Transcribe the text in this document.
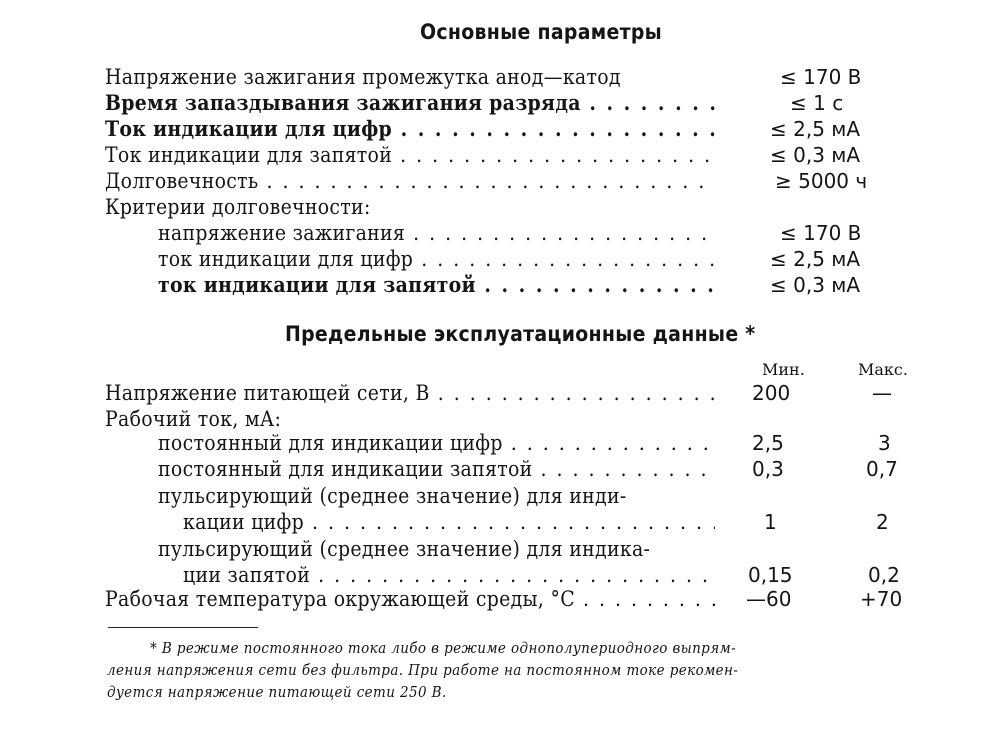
Основные параметры
Напряжение зажигания промежутка анод—катод	≤ 170 В
Время запаздывания зажигания разряда . . .	≤ 1 с
Ток индикации для цифр . . .	≤ 2,5 мА
Ток индикации для запятой . . .	≤ 0,3 мА
Долговечность . . .	≥ 5000 ч
Критерии долговечности:
напряжение зажигания . . .	≤ 170 В
ток индикации для цифр . . .	≤ 2,5 мА
ток индикации для запятой . . .	≤ 0,3 мА
Предельные эксплуатационные данные *
Мин.	Макс.
Напряжение питающей сети, В . . .	200	—
Рабочий ток, мА:
постоянный для индикации цифр . . .	2,5	3
постоянный для индикации запятой . . .	0,3	0,7
пульсирующий (среднее значение) для инди-
кации цифр . . .	1	2
пульсирующий (среднее значение) для индика-
ции запятой . . .	0,15	0,2
Рабочая температура окружающей среды, °С . . .	—60	+70
* В режиме постоянного тока либо в режиме однополупериодного выпрям-
ления напряжения сети без фильтра. При работе на постоянном токе рекомен-
дуется напряжение питающей сети 250 В.
